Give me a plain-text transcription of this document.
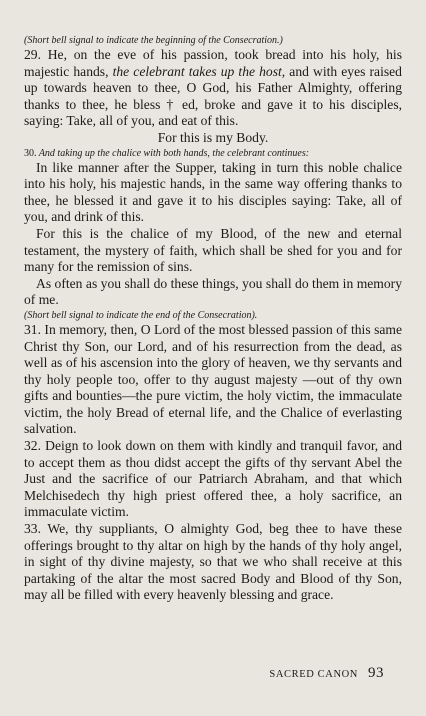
(Short bell signal to indicate the beginning of the Consecration.)

29. He, on the eve of his passion, took bread into his holy, his majestic hands, the celebrant takes up the host, and with eyes raised up towards heaven to thee, O God, his Father Almighty, offering thanks to thee, he bless † ed, broke and gave it to his disciples, saying: Take, all of you, and eat of this.

For this is my Body.

30. And taking up the chalice with both hands, the celebrant continues:

In like manner after the Supper, taking in turn this noble chalice into his holy, his majestic hands, in the same way offering thanks to thee, he blessed it and gave it to his disciples saying: Take, all of you, and drink of this.

For this is the chalice of my Blood, of the new and eternal testament, the mystery of faith, which shall be shed for you and for many for the remission of sins.

As often as you shall do these things, you shall do them in memory of me.

(Short bell signal to indicate the end of the Consecration).

31. In memory, then, O Lord of the most blessed passion of this same Christ thy Son, our Lord, and of his resurrection from the dead, as well as of his ascension into the glory of heaven, we thy servants and thy holy people too, offer to thy august majesty —out of thy own gifts and bounties—the pure victim, the holy victim, the immaculate victim, the holy Bread of eternal life, and the Chalice of everlasting salvation.

32. Deign to look down on them with kindly and tranquil favor, and to accept them as thou didst accept the gifts of thy servant Abel the Just and the sacrifice of our Patriarch Abraham, and that which Melchisedech thy high priest offered thee, a holy sacrifice, an immaculate victim.

33. We, thy suppliants, O almighty God, beg thee to have these offerings brought to thy altar on high by the hands of thy holy angel, in sight of thy divine majesty, so that we who shall receive at this partaking of the altar the most sacred Body and Blood of thy Son, may all be filled with every heavenly blessing and grace.

SACRED CANON 93
